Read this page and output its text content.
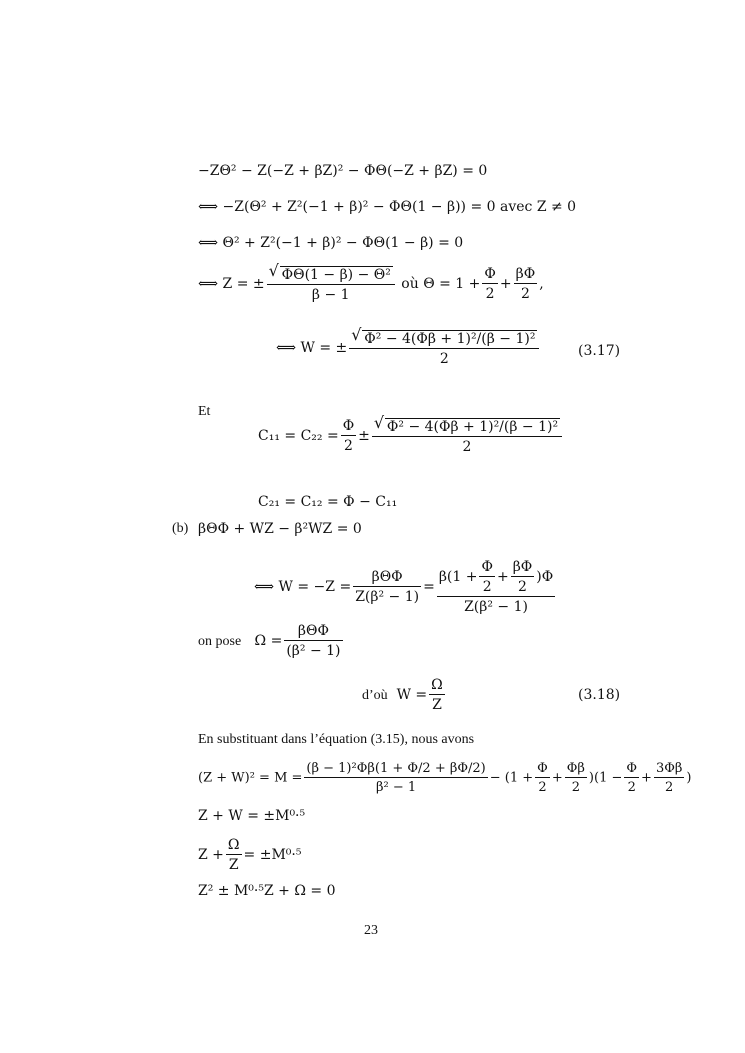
−ZΘ² − Z(−Z + βZ)² − ΦΘ(−Z + βZ) = 0
⟺ −Z(Θ² + Z²(−1 + β)² − ΦΘ(1 − β)) = 0 avec Z ≠ 0
⟺ Θ² + Z²(−1 + β)² − ΦΘ(1 − β) = 0
⟺ Z = ± √ $\frac{\text{ΦΘ(1 − β) − Θ²}}{\beta - 1}$ où $\Theta = 1 + \frac{\Phi}{2} + \frac{\beta\Phi}{2}$ ,
⟺ W = ± √ $\frac{\text{Φ² − 4(Φβ + 1)²/(β − 1)²}}{2}$	(3.17)
Et
$C_{11} = C_{22} = \frac{\Phi}{2}$ ± √ $\frac{\text{Φ² − 4(Φβ + 1)²/(β − 1)²}}{2}$
C₂₁ = C₁₂ = Φ − C₁₁
(b) βΘΦ + WZ − β²WZ = 0
⟺ $W = -Z = \frac{\text{βΘΦ}}{\text{Z(β² − 1)}} = \frac{\beta(1 + \frac{\Phi}{2} + \frac{\beta\Phi}{2} )\Phi}{\text{Z(β² − 1)}}$
on pose $\Omega = \frac{\text{βΘΦ}}{\text{(β² − 1)}}$
d’où $W = \frac{\Omega}{Z}$	(3.18)
En substituant dans l’équation (3.15), nous avons
$(Z + W)^2 = M = \frac{\text{(β − 1)²Φβ(1 + Φ/2 + βΦ/2)}}{\text{β² − 1}} - (1 + \frac{\Phi}{2} + \frac{\Phi\beta}{2} )(1 - \frac{\Phi}{2} + \frac{3\Phi\beta}{2}$ )
Z + W = ±M⁰·⁵
$Z + \frac{\Omega}{Z} = \pm M^0\cdot^5$
Z² ± M⁰·⁵Z + Ω = 0
23
